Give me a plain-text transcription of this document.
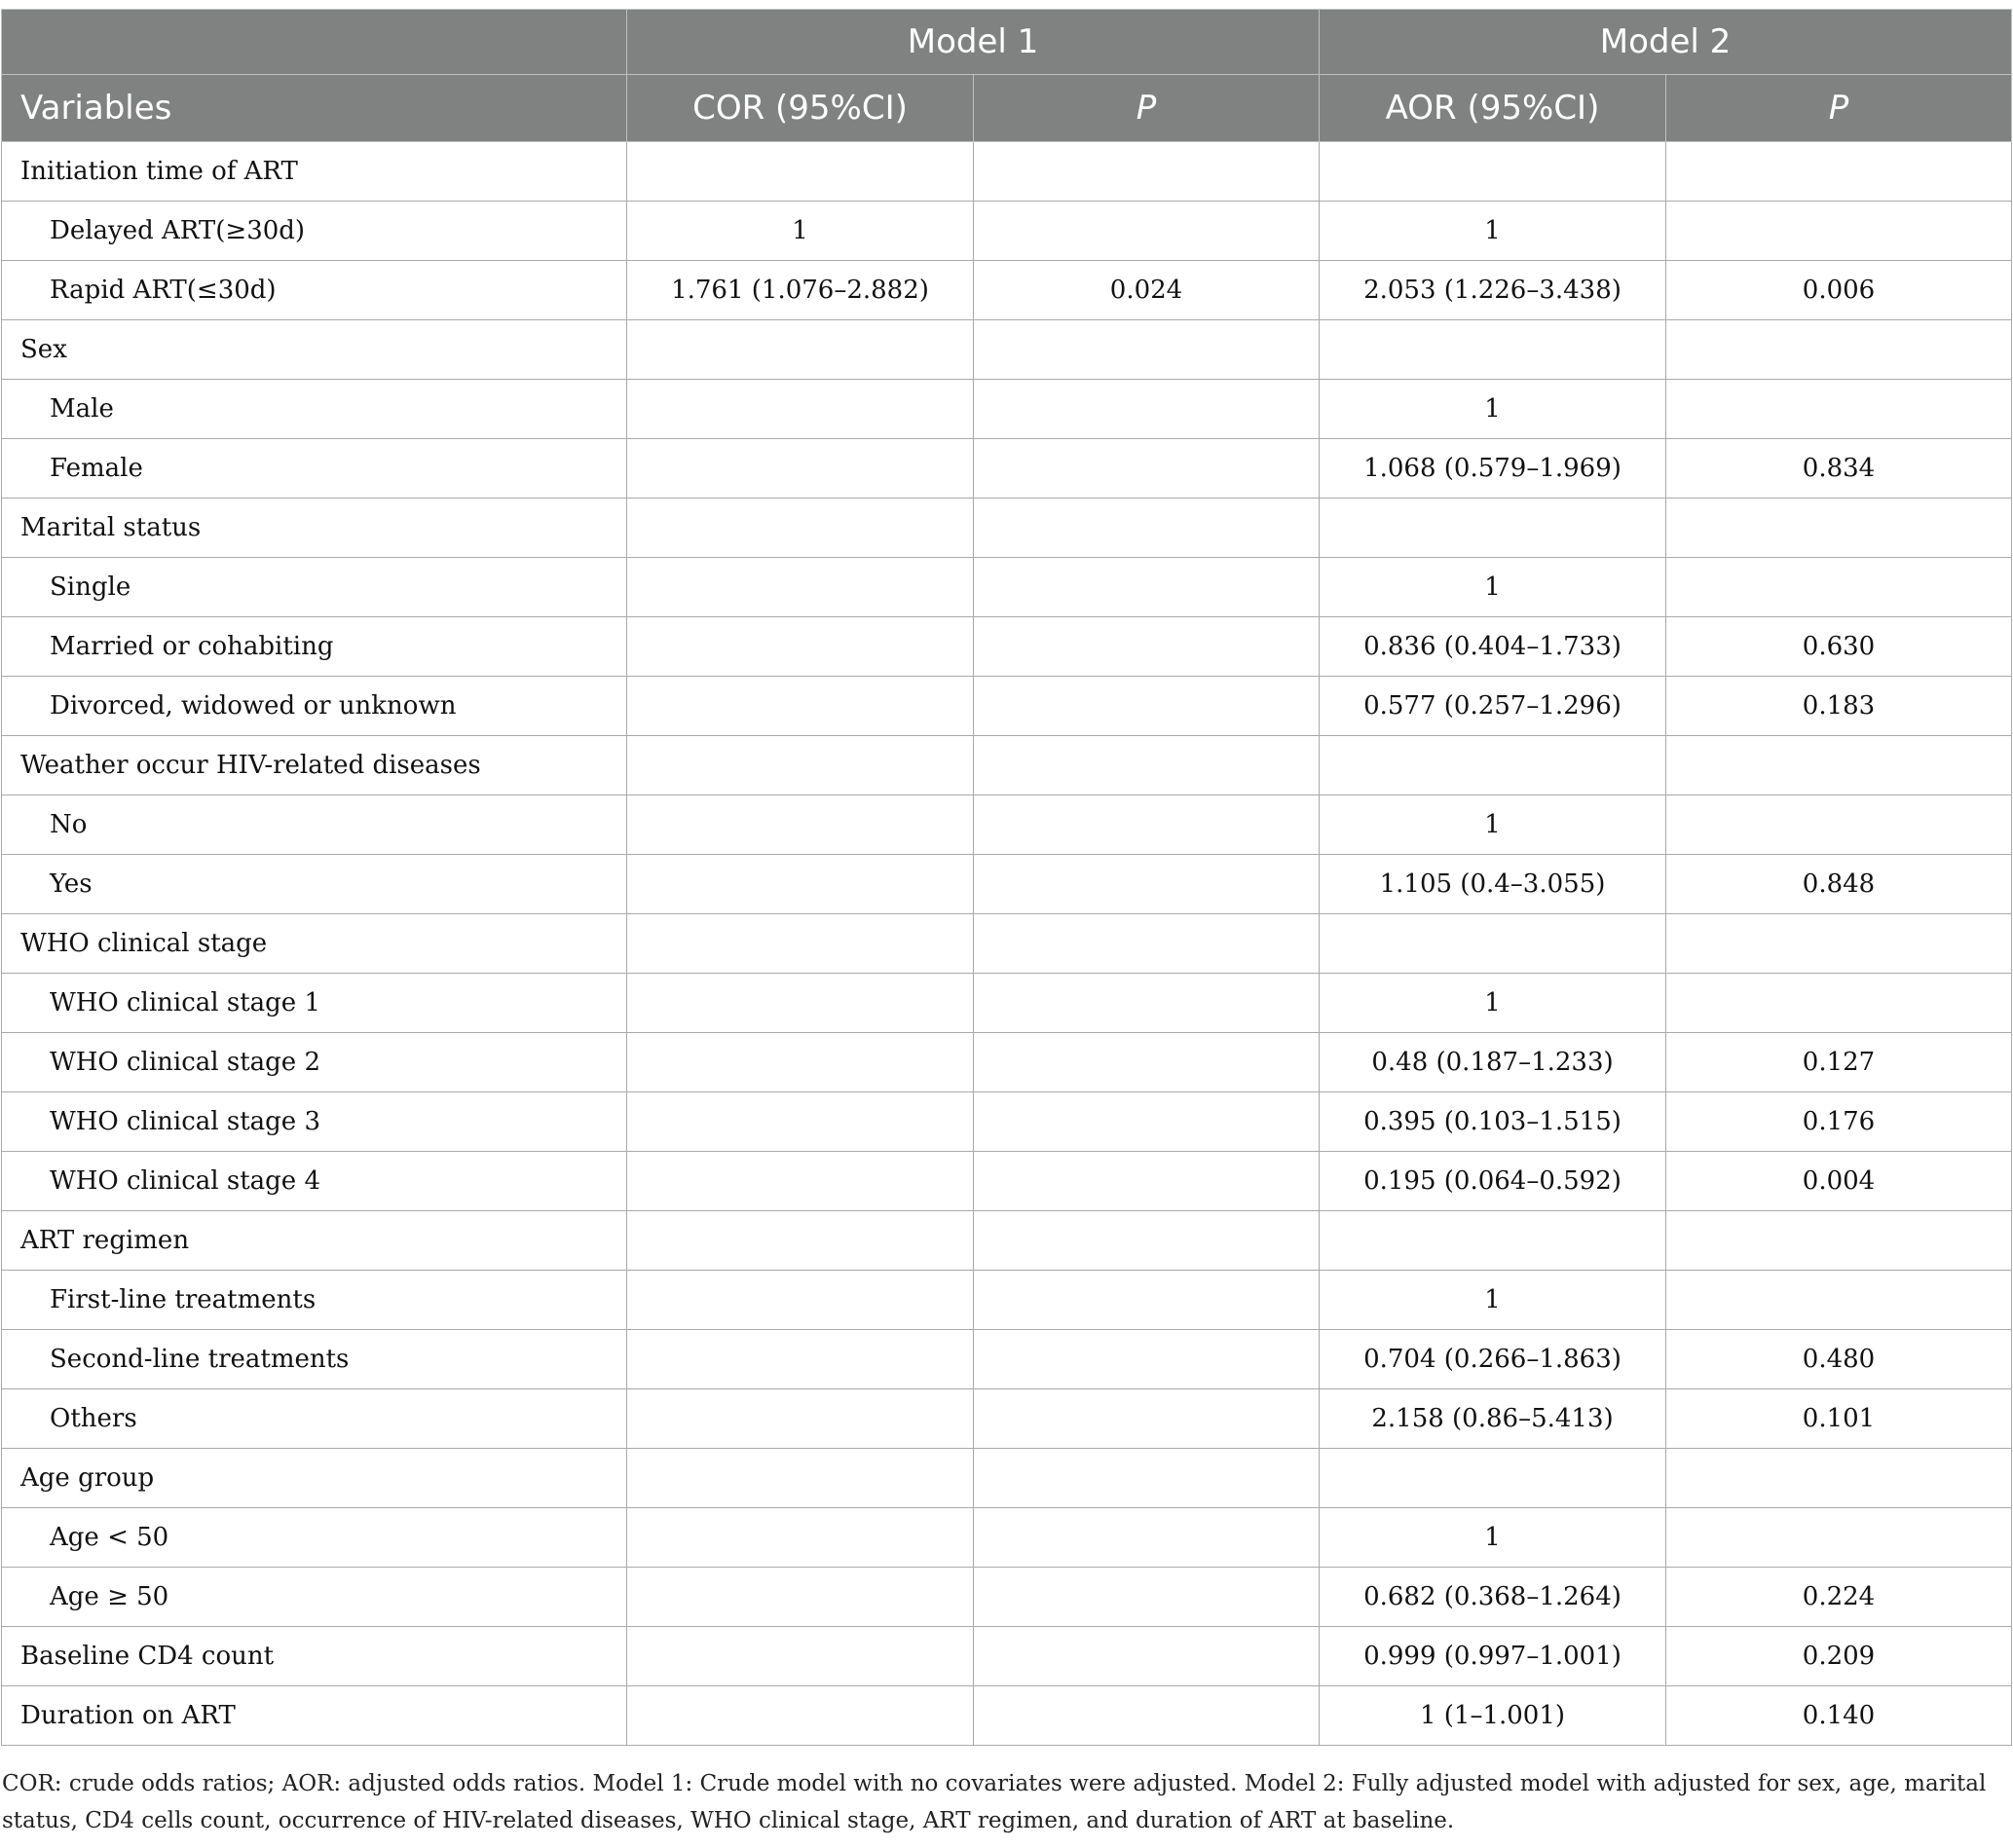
	Model 1		Model 2	
Variables	COR (95%CI)	P	AOR (95%CI)	P
Initiation time of ART				
Delayed ART(≥30d)	1		1	
Rapid ART(≤30d)	1.761 (1.076–2.882)	0.024	2.053 (1.226–3.438)	0.006
Sex				
Male			1	
Female			1.068 (0.579–1.969)	0.834
Marital status				
Single			1	
Married or cohabiting			0.836 (0.404–1.733)	0.630
Divorced, widowed or unknown			0.577 (0.257–1.296)	0.183
Weather occur HIV-related diseases				
No			1	
Yes			1.105 (0.4–3.055)	0.848
WHO clinical stage				
WHO clinical stage 1			1	
WHO clinical stage 2			0.48 (0.187–1.233)	0.127
WHO clinical stage 3			0.395 (0.103–1.515)	0.176
WHO clinical stage 4			0.195 (0.064–0.592)	0.004
ART regimen				
First-line treatments			1	
Second-line treatments			0.704 (0.266–1.863)	0.480
Others			2.158 (0.86–5.413)	0.101
Age group				
Age < 50			1	
Age ≥ 50			0.682 (0.368–1.264)	0.224
Baseline CD4 count			0.999 (0.997–1.001)	0.209
Duration on ART			1 (1–1.001)	0.140

COR: crude odds ratios; AOR: adjusted odds ratios. Model 1: Crude model with no covariates were adjusted. Model 2: Fully adjusted model with adjusted for sex, age, marital status, CD4 cells count, occurrence of HIV-related diseases, WHO clinical stage, ART regimen, and duration of ART at baseline.
